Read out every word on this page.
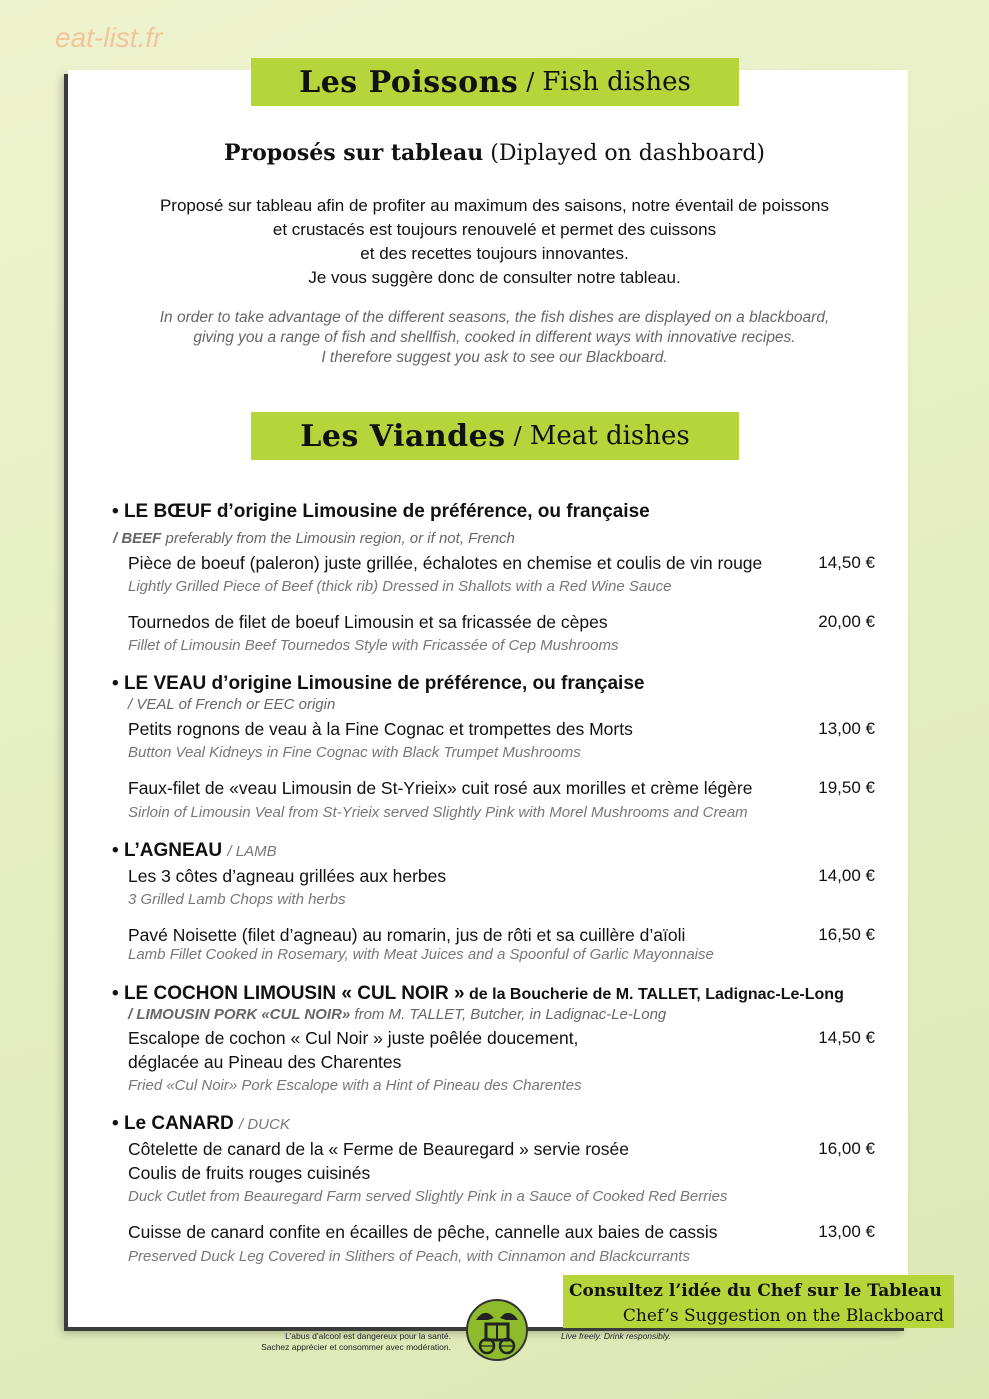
eat-list.fr
Les Poissons / Fish dishes
Proposés sur tableau (Diplayed on dashboard)
Proposé sur tableau afin de profiter au maximum des saisons, notre éventail de poissons
et crustacés est toujours renouvelé et permet des cuissons
et des recettes toujours innovantes.
Je vous suggère donc de consulter notre tableau.
In order to take advantage of the different seasons, the fish dishes are displayed on a blackboard,
giving you a range of fish and shellfish, cooked in different ways with innovative recipes.
I therefore suggest you ask to see our Blackboard.
Les Viandes / Meat dishes
• LE BŒUF d’origine Limousine de préférence, ou française
/ BEEF preferably from the Limousin region, or if not, French
Pièce de boeuf (paleron) juste grillée, échalotes en chemise et coulis de vin rouge	14,50 €
Lightly Grilled Piece of Beef (thick rib) Dressed in Shallots with a Red Wine Sauce
Tournedos de filet de boeuf Limousin et sa fricassée de cèpes	20,00 €
Fillet of Limousin Beef Tournedos Style with Fricassée of Cep Mushrooms
• LE VEAU d’origine Limousine de préférence, ou française
/ VEAL of French or EEC origin
Petits rognons de veau à la Fine Cognac et trompettes des Morts	13,00 €
Button Veal Kidneys in Fine Cognac with Black Trumpet Mushrooms
Faux-filet de «veau Limousin de St-Yrieix» cuit rosé aux morilles et crème légère	19,50 €
Sirloin of Limousin Veal from St-Yrieix served Slightly Pink with Morel Mushrooms and Cream
• L’AGNEAU / LAMB
Les 3 côtes d’agneau grillées aux herbes	14,00 €
3 Grilled Lamb Chops with herbs
Pavé Noisette (filet d’agneau) au romarin, jus de rôti et sa cuillère d’aïoli	16,50 €
Lamb Fillet Cooked in Rosemary, with Meat Juices and a Spoonful of Garlic Mayonnaise
• LE COCHON LIMOUSIN « CUL NOIR » de la Boucherie de M. TALLET, Ladignac-Le-Long
/ LIMOUSIN PORK «CUL NOIR» from M. TALLET, Butcher, in Ladignac-Le-Long
Escalope de cochon « Cul Noir » juste poêlée doucement,	14,50 €
déglacée au Pineau des Charentes
Fried «Cul Noir» Pork Escalope with a Hint of Pineau des Charentes
• Le CANARD / DUCK
Côtelette de canard de la « Ferme de Beauregard » servie rosée	16,00 €
Coulis de fruits rouges cuisinés
Duck Cutlet from Beauregard Farm served Slightly Pink in a Sauce of Cooked Red Berries
Cuisse de canard confite en écailles de pêche, cannelle aux baies de cassis	13,00 €
Preserved Duck Leg Covered in Slithers of Peach, with Cinnamon and Blackcurrants
Consultez l’idée du Chef sur le Tableau
Chef’s Suggestion on the Blackboard
L’abus d’alcool est dangereux pour la santé.
Sachez apprécier et consommer avec modération.
Live freely. Drink responsibly.
